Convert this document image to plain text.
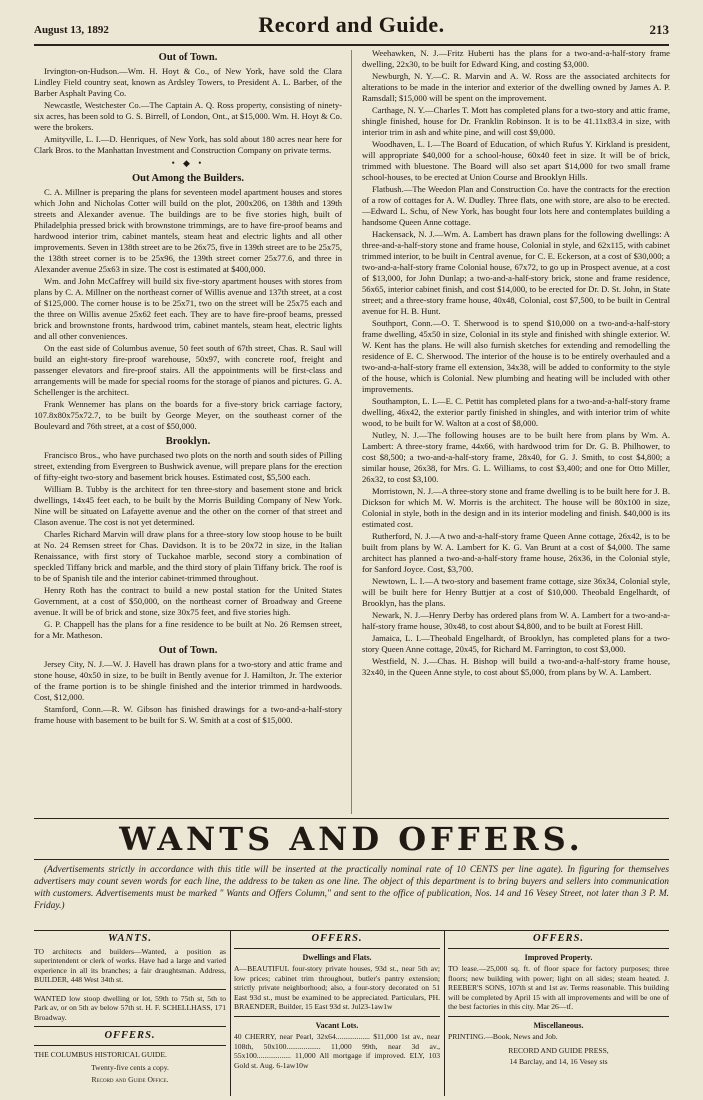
August 13, 1892	Record and Guide.	213
Out of Town.

Irvington-on-Hudson.—Wm. H. Hoyt & Co., of New York, have sold the Clara Lindley Field country seat, known as Ardsley Towers, to President A. L. Barber, of the Barber Asphalt Paving Co.

Newcastle, Westchester Co.—The Captain A. Q. Ross property, consisting of ninety-six acres, has been sold to G. S. Birrell, of London, Ont., at $15,000. Wm. H. Hoyt & Co. were the brokers.

Amityville, L. I.—D. Henriques, of New York, has sold about 180 acres near here for Clark Bros. to the Manhattan Investment and Construction Company on private terms.

• ◆ •
Out Among the Builders.

C. A. Millner is preparing the plans for seventeen model apartment houses and stores which John and Nicholas Cotter will build on the plot, 200x206, on 138th and 139th streets and Alexander avenue. The buildings are to be five stories high, built of Philadelphia pressed brick with brownstone trimmings, are to have fire-proof beams and hardwood interior trim, cabinet mantels, steam heat and electric lights and all other improvements. Seven in 138th street are to be 26x75, five in 139th street are to be 25x75, the 138th street corner is to be 25x96, the 139th street corner 25x77.6, and three in Alexander avenue 25x63 in size. The cost is estimated at $400,000.

Wm. and John McCaffrey will build six five-story apartment houses with stores from plans by C. A. Millner on the northeast corner of Willis avenue and 137th street, at a cost of $125,000. The corner house is to be 25x71, two on the street will be 25x75 each and the three on Willis avenue 25x62 feet each. They are to have fire-proof beams, pressed brick and brownstone fronts, hardwood trim, cabinet mantels, steam heat, electric lights and all other conveniences.

On the east side of Columbus avenue, 50 feet south of 67th street, Chas. R. Saul will build an eight-story fire-proof warehouse, 50x97, with concrete roof, freight and passenger elevators and fire-proof stairs. All the appointments will be first-class and arrangements will be made for special rooms for the storage of pianos and pictures. G. A. Schellenger is the architect.

Frank Wennemer has plans on the boards for a five-story brick carriage factory, 107.8x80x75x72.7, to be built by George Meyer, on the southeast corner of the Boulevard and 76th street, at a cost of $50,000.

Brooklyn.

Francisco Bros., who have purchased two plots on the north and south sides of Pilling street, extending from Evergreen to Bushwick avenue, will prepare plans for the erection of fifty-eight two-story and basement brick houses. Estimated cost, $5,500 each.

William B. Tubby is the architect for ten three-story and basement stone and brick dwellings, 14x45 feet each, to be built by the Morris Building Company of New York. Nine will be situated on Lafayette avenue and the other on the corner of that street and Clason avenue. The cost is not yet determined.

Charles Richard Marvin will draw plans for a three-story low stoop house to be built at No. 24 Remsen street for Chas. Davidson. It is to be 20x72 in size, in the Italian Renaissance, with first story of Tuckahoe marble, second story a combination of speckled Tiffany brick and marble, and the third story of plain Tiffany brick. The roof is to be of Spanish tile and the interior cabinet-trimmed throughout.

Henry Roth has the contract to build a new postal station for the United States Government, at a cost of $50,000, on the northeast corner of Broadway and Greene avenue. It will be of brick and stone, size 30x75 feet, and five stories high.

G. P. Chappell has the plans for a fine residence to be built at No. 26 Remsen street, for a Mr. Matheson.

Out of Town.

Jersey City, N. J.—W. J. Havell has drawn plans for a two-story and attic frame and stone house, 40x50 in size, to be built in Bently avenue for J. Hamilton, Jr. The exterior of the frame portion is to be shingle finished and the interior trimmed in hardwoods. Cost, $12,000.

Stamford, Conn.—R. W. Gibson has finished drawings for a two-and-a-half-story frame house with basement to be built for S. W. Smith at a cost of $15,000.

Weehawken, N. J.—Fritz Huberti has the plans for a two-and-a-half-story frame dwelling, 22x30, to be built for Edward King, and costing $3,000.

Newburgh, N. Y.—C. R. Marvin and A. W. Ross are the associated architects for alterations to be made in the interior and exterior of the dwelling owned by James A. P. Ramsdall; $15,000 will be spent on the improvement.

Carthage, N. Y.—Charles T. Mott has completed plans for a two-story and attic frame, shingle finished, house for Dr. Franklin Robinson. It is to be 41.11x83.4 in size, with interior trim in ash and white pine, and will cost $9,000.

Woodhaven, L. I.—The Board of Education, of which Rufus Y. Kirkland is president, will appropriate $40,000 for a school-house, 60x40 feet in size. It will be of brick, trimmed with bluestone. The Board will also set apart $14,000 for two small frame school-houses, to be erected at Union Course and Brooklyn Hills.

Flatbush.—The Weedon Plan and Construction Co. have the contracts for the erection of a row of cottages for A. W. Dudley. Three flats, one with store, are also to be erected.—Edward L. Schu, of New York, has bought four lots here and contemplates building a handsome Queen Anne cottage.

Hackensack, N. J.—Wm. A. Lambert has drawn plans for the following dwellings: A three-and-a-half-story stone and frame house, Colonial in style, and 62x115, with cabinet trimmed interior, to be built in Central avenue, for C. E. Eckerson, at a cost of $30,000; a two-and-a-half-story frame Colonial house, 67x72, to go up in Prospect avenue, at a cost of $13,000, for John Dunlap; a two-and-a-half-story brick, stone and frame residence, 56x65, interior cabinet finish, and cost $14,000, to be erected for Dr. D. St. John, in State street; and a three-story frame house, 40x48, Colonial, cost $7,500, to be built in Central avenue for H. B. Hunt.

Southport, Conn.—O. T. Sherwood is to spend $10,000 on a two-and-a-half-story frame dwelling, 45x50 in size, Colonial in its style and finished with shingle exterior. W. W. Kent has the plans. He will also furnish sketches for extending and remodelling the residence of E. C. Sherwood. The interior of the house is to be entirely overhauled and a two-and-a-half-story frame ell extension, 34x38, will be added to conformity to the style of the house, which is Colonial. New plumbing and heating will be included with other improvements.

Southampton, L. I.—E. C. Pettit has completed plans for a two-and-a-half-story frame dwelling, 46x42, the exterior partly finished in shingles, and with interior trim of white wood, to be built for W. Walton at a cost of $8,000.

Nutley, N. J.—The following houses are to be built here from plans by Wm. A. Lambert: A three-story frame, 44x66, with hardwood trim for Dr. G. B. Philhower, to cost $8,500; a two-and-a-half-story frame, 28x40, for G. J. Smith, to cost $4,800; a similar house, 26x38, for Mrs. G. L. Williams, to cost $3,400; and one for Otto Miller, 26x32, to cost $3,100.

Morristown, N. J.—A three-story stone and frame dwelling is to be built here for J. B. Dickson for which M. W. Morris is the architect. The house will be 80x100 in size, Colonial in style, both in the design and in its interior modeling and finish. $40,000 is its estimated cost.

Rutherford, N. J.—A two and-a-half-story frame Queen Anne cottage, 26x42, is to be built from plans by W. A. Lambert for K. G. Van Brunt at a cost of $4,000. The same architect has planned a two-and-a-half-story frame house, 26x36, in the Colonial style, for Sanford Joyce. Cost, $3,700.

Newtown, L. I.—A two-story and basement frame cottage, size 36x34, Colonial style, will be built here for Henry Buttjer at a cost of $10,000. Theobald Engelhardt, of Brooklyn, has the plans.

Newark, N. J.—Henry Derby has ordered plans from W. A. Lambert for a two-and-a-half-story frame house, 30x48, to cost about $4,800, and to be built at Forest Hill.

Jamaica, L. I.—Theobald Engelhardt, of Brooklyn, has completed plans for a two-story Queen Anne cottage, 20x45, for Richard M. Farrington, to cost $3,000.

Westfield, N. J.—Chas. H. Bishop will build a two-and-a-half-story frame house, 32x40, in the Queen Anne style, to cost about $5,000, from plans by W. A. Lambert.

WANTS AND OFFERS.
(Advertisements strictly in accordance with this title will be inserted at the practically nominal rate of 10 CENTS per line agate). In figuring for themselves advertisers may count seven words for each line, the address to be taken as one line. The object of this department is to bring buyers and sellers into communication with customers. Advertisements must be marked " Wants and Offers Column," and sent to the office of publication, Nos. 14 and 16 Vesey Street, not later than 3 P. M. Friday.)
WANTS.

TO architects and builders—Wanted, a position as superintendent or clerk of works. Have had a large and varied experience in all its branches; a fair draughtsman. Address, BUILDER, 448 West 34th st.

WANTED low stoop dwelling or lot, 59th to 75th st, 5th to Park av, or on 5th av below 57th st. H. F. SCHELLHASS, 171 Broadway.

OFFERS.

THE COLUMBUS HISTORICAL GUIDE.

Twenty-five cents a copy.
Record and Guide Office.
OFFERS.
Dwellings and Flats.

A—BEAUTIFUL four-story private houses, 93d st., near 5th av; low prices; cabinet trim throughout, butler's pantry extension; strictly private neighborhood; also, a four-story decorated on 51 East 93d st., must be examined to be appreciated. Particulars, PH. BRAENDER, Builder, 15 East 93d st. Jul23-1aw1w

Vacant Lots.

40 CHERRY, near Pearl, 32x64.................. $11,000 1st av., near 108th, 50x100.................. 11,000 99th, near 3d av., 55x100.................. 11,000 All mortgage if improved. ELY, 103 Gold st. Aug. 6-1aw10w

OFFERS.
Improved Property.

TO lease.—25,000 sq. ft. of floor space for factory purposes; three floors; new building with power; light on all sides; steam heated. J. REEBER'S SONS, 107th st and 1st av. Terms reasonable. This building will be completed by April 15 with all improvements and will be one of the best factories in this city. Mar 26—tf.

Miscellaneous.

PRINTING.—Book, News and Job.

RECORD AND GUIDE PRESS,
14 Barclay, and 14, 16 Vesey sts
